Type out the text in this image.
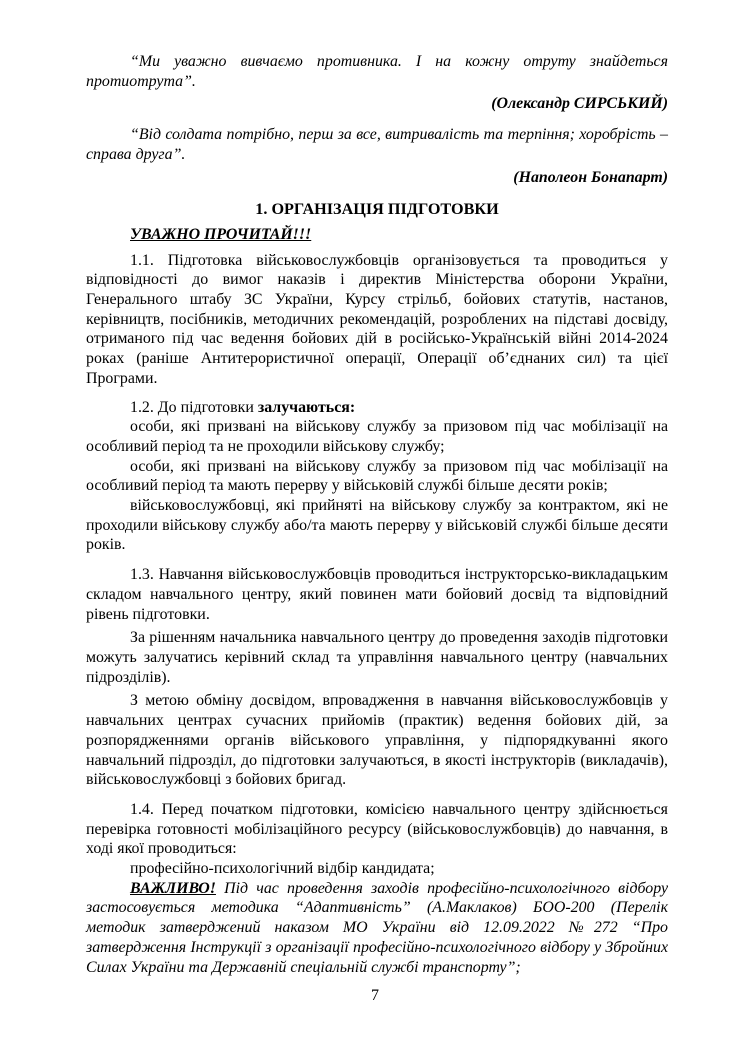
“Ми уважно вивчаємо противника. І на кожну отруту знайдеться протиотрута”.

(Олександр СИРСЬКИЙ)

“Від солдата потрібно, перш за все, витривалість та терпіння; хоробрість – справа друга”.

(Наполеон Бонапарт)

1. ОРГАНІЗАЦІЯ ПІДГОТОВКИ

УВАЖНО ПРОЧИТАЙ!!!

1.1. Підготовка військовослужбовців організовується та проводиться у відповідності до вимог наказів і директив Міністерства оборони України, Генерального штабу ЗС України, Курсу стрільб, бойових статутів, настанов, керівництв, посібників, методичних рекомендацій, розроблених на підставі досвіду, отриманого під час ведення бойових дій в російсько-Українській війні 2014-2024 роках (раніше Антитерористичної операції, Операції об’єднаних сил) та цієї Програми.

1.2. До підготовки залучаються:

особи, які призвані на військову службу за призовом під час мобілізації на особливий період та не проходили військову службу;

особи, які призвані на військову службу за призовом під час мобілізації на особливий період та мають перерву у військовій службі більше десяти років;

військовослужбовці, які прийняті на військову службу за контрактом, які не проходили військову службу або/та мають перерву у військовій службі більше десяти років.

1.3. Навчання військовослужбовців проводиться інструкторсько-викладацьким складом навчального центру, який повинен мати бойовий досвід та відповідний рівень підготовки.

За рішенням начальника навчального центру до проведення заходів підготовки можуть залучатись керівний склад та управління навчального центру (навчальних підрозділів).

З метою обміну досвідом, впровадження в навчання військовослужбовців у навчальних центрах сучасних прийомів (практик) ведення бойових дій, за розпорядженнями органів військового управління, у підпорядкуванні якого навчальний підрозділ, до підготовки залучаються, в якості інструкторів (викладачів), військовослужбовці з бойових бригад.

1.4. Перед початком підготовки, комісією навчального центру здійснюється перевірка готовності мобілізаційного ресурсу (військовослужбовців) до навчання, в ході якої проводиться:

професійно-психологічний відбір кандидата;

ВАЖЛИВО! Під час проведення заходів професійно-психологічного відбору застосовується методика “Адаптивність” (А.Маклаков) БОО-200 (Перелік методик затверджений наказом МО України від 12.09.2022 №272 “Про затвердження Інструкції з організації професійно-психологічного відбору у Збройних Силах України та Державній спеціальній службі транспорту”;

7
